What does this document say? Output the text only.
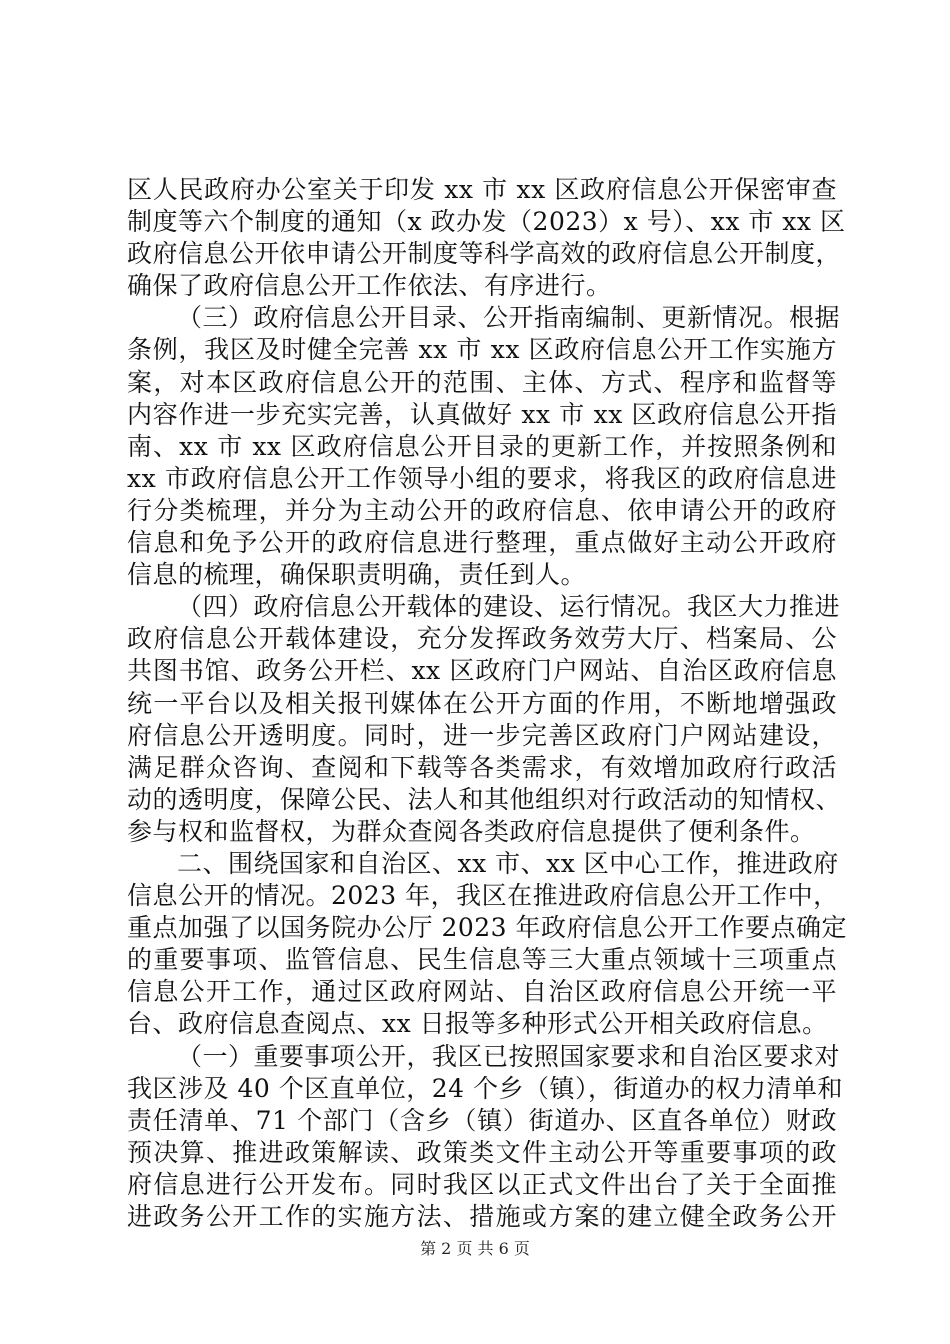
区人民政府办公室关于印发 xx 市 xx 区政府信息公开保密审查
制度等六个制度的通知（x 政办发（2023）x 号）、xx 市 xx 区
政府信息公开依申请公开制度等科学高效的政府信息公开制度，
确保了政府信息公开工作依法、有序进行。
（三）政府信息公开目录、公开指南编制、更新情况。根据
条例，我区及时健全完善 xx 市 xx 区政府信息公开工作实施方
案，对本区政府信息公开的范围、主体、方式、程序和监督等
内容作进一步充实完善，认真做好 xx 市 xx 区政府信息公开指
南、xx 市 xx 区政府信息公开目录的更新工作，并按照条例和
xx 市政府信息公开工作领导小组的要求，将我区的政府信息进
行分类梳理，并分为主动公开的政府信息、依申请公开的政府
信息和免予公开的政府信息进行整理，重点做好主动公开政府
信息的梳理，确保职责明确，责任到人。
（四）政府信息公开载体的建设、运行情况。我区大力推进
政府信息公开载体建设，充分发挥政务效劳大厅、档案局、公
共图书馆、政务公开栏、xx 区政府门户网站、自治区政府信息
统一平台以及相关报刊媒体在公开方面的作用，不断地增强政
府信息公开透明度。同时，进一步完善区政府门户网站建设，
满足群众咨询、查阅和下载等各类需求，有效增加政府行政活
动的透明度，保障公民、法人和其他组织对行政活动的知情权、
参与权和监督权，为群众查阅各类政府信息提供了便利条件。
二、围绕国家和自治区、xx 市、xx 区中心工作，推进政府
信息公开的情况。2023 年，我区在推进政府信息公开工作中，
重点加强了以国务院办公厅 2023 年政府信息公开工作要点确定
的重要事项、监管信息、民生信息等三大重点领域十三项重点
信息公开工作，通过区政府网站、自治区政府信息公开统一平
台、政府信息查阅点、xx 日报等多种形式公开相关政府信息。
（一）重要事项公开，我区已按照国家要求和自治区要求对
我区涉及 40 个区直单位，24 个乡（镇），街道办的权力清单和
责任清单、71 个部门（含乡（镇）街道办、区直各单位）财政
预决算、推进政策解读、政策类文件主动公开等重要事项的政
府信息进行公开发布。同时我区以正式文件出台了关于全面推
进政务公开工作的实施方法、措施或方案的建立健全政务公开
第 2 页 共 6 页
